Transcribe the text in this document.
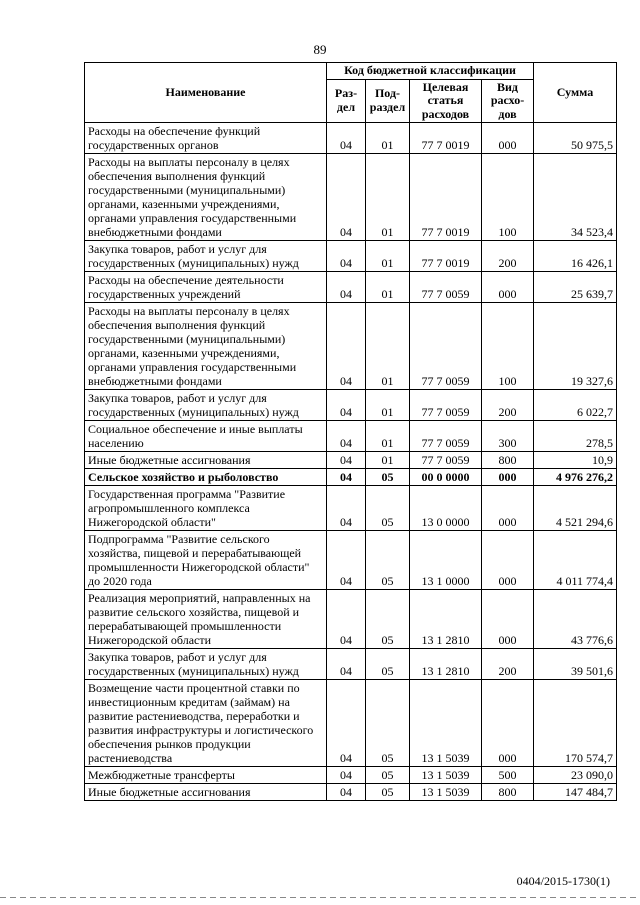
89
Наименование	Код бюджетной классификации				Сумма
	Раз-дел	Под-раздел	Целевая статья расходов	Вид расхо-дов	
Расходы на обеспечение функций государственных органов	04	01	77 7 0019	000	50 975,5
Расходы на выплаты персоналу в целях обеспечения выполнения функций государственными (муниципальными) органами, казенными учреждениями, органами управления государственными внебюджетными фондами	04	01	77 7 0019	100	34 523,4
Закупка товаров, работ и услуг для государственных (муниципальных) нужд	04	01	77 7 0019	200	16 426,1
Расходы на обеспечение деятельности государственных учреждений	04	01	77 7 0059	000	25 639,7
Расходы на выплаты персоналу в целях обеспечения выполнения функций государственными (муниципальными) органами, казенными учреждениями, органами управления государственными внебюджетными фондами	04	01	77 7 0059	100	19 327,6
Закупка товаров, работ и услуг для государственных (муниципальных) нужд	04	01	77 7 0059	200	6 022,7
Социальное обеспечение и иные выплаты населению	04	01	77 7 0059	300	278,5
Иные бюджетные ассигнования	04	01	77 7 0059	800	10,9
Сельское хозяйство и рыболовство	04	05	00 0 0000	000	4 976 276,2
Государственная программа "Развитие агропромышленного комплекса Нижегородской области"	04	05	13 0 0000	000	4 521 294,6
Подпрограмма "Развитие сельского хозяйства, пищевой и перерабатывающей промышленности Нижегородской области" до 2020 года	04	05	13 1 0000	000	4 011 774,4
Реализация мероприятий, направленных на развитие сельского хозяйства, пищевой и перерабатывающей промышленности Нижегородской области	04	05	13 1 2810	000	43 776,6
Закупка товаров, работ и услуг для государственных (муниципальных) нужд	04	05	13 1 2810	200	39 501,6
Возмещение части процентной ставки по инвестиционным кредитам (займам) на развитие растениеводства, переработки и развития инфраструктуры и логистического обеспечения рынков продукции растениеводства	04	05	13 1 5039	000	170 574,7
Межбюджетные трансферты	04	05	13 1 5039	500	23 090,0
Иные бюджетные ассигнования	04	05	13 1 5039	800	147 484,7
0404/2015-1730(1)
